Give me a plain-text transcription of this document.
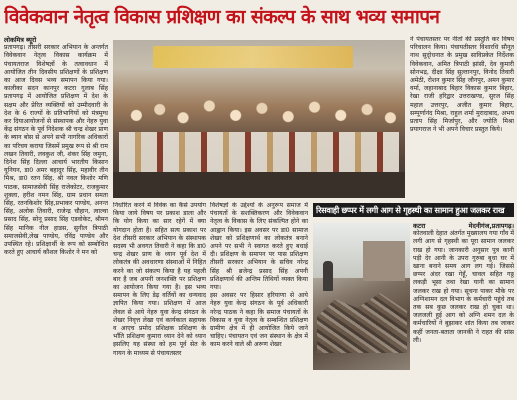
विवेकवान नेतृत्व विकास प्रशिक्षण का संकल्प के साथ भव्य समापन
लोकमित्र ब्यूरो
प्रतापगढ़। तीसरी सरकार अभियान के अन्तर्गत विवेकवान नेतृत्व विकास कार्यक्रम में पंचायतराज विशेषज्ञों के तत्वावधान में आयोजित तीन दिवसीय प्रशिक्षणों के प्रशिक्षण का आज दिवस भव्य समापन किया गया। कालीका सदन कानपुर कटरा गुलाब सिंह प्रतापगढ़ में आयोजित प्रशिक्षण में देश के सक्षम और प्रेरित व्यक्तियों को उम्मीदवारी के देश के 6 राज्यों के प्रतिभागियों को मंत्रमुग्ध कर दियाआयोजनों से संस्थापक और नेहरु युवा केंद्र संगठन के पूर्व निदेशक श्री चन्द्र शेखर प्राण के ब्यान बोस से अपने सभी नागरिक अधिकारों का परिचय कराया जिसमें प्रमुख रूप से श्री राम लखन तिवारी, लवकुश जी, शंकर सिंह जमुना, दिनेश सिंह दिल्ला आचार्य भारतीय किसान यूनियन, डा0 अमर बहादुर सिंह, महावीर तीन मिश्र, डा0 रतन सिंह, श्री नवल किशोर मणि पाठक, सामाजसेवी सिंह राजेकोटर, राजकुमार शुक्ला, हरीश नमन सिंह, ग्राम प्रधान समता सिंह, रतनकिशोर सिंह,प्रभाकर पाण्डेय, अनन्त सिंह, अलोक तिवारी, राजेन्द्र चौहान, त्वाल्वा प्रसाद सिंह, सोनू प्रसाद सिंह एडवोकेट, श्रीमन सिंह मानिक नील हाडस, सुनील त्रिपाठी समाजसेवी,लेख पाण्डेय, रविंद्र पाण्डेय और उपस्थित रहे। प्रशिक्षार्थी के रूप को सम्बोधित करते हुए आचार्य कौशल किशोर ने मन को
निर्धारित करने में विवेक का कैसे उपयोग किया जाये विषय पर प्रकाश डाला और कि योग किया का सार रहेगें में क्या योगदान होता है। सहित सत्य प्रकाश पर देश तीसरी सरकार अभियान के संस्थापक सदस्य भी अवगत तिवारी ने कहा कि डा0 चन्द्र शेखर प्राण के ध्यान पूर्व देश में लोकतंत्र की अवधारणा संस्थाओं में निहित करने का जो संकल्प किया है यह पहली बार है जब अपनी जनशक्ति पर प्रशिक्षण का आयोजन किया गया है। इस भव्य समापन के लिए डेढ़ वर्तियों का धन्यवाद ज्ञापित किया गया। प्रशिक्षण में आज लेवल से आये नेहरु युवा केन्द्र संगठन के शेखर निवृत्त लेखा एवं कार्यकाल सहायक व आएच प्रमोद प्रशिक्षक प्रशिक्षण के भाँति प्रशिक्षण कुमारा ध्यान देने को ध्यान इसलिए यह संस्था को हम पूर्व सेत के गायन के माध्यम से पंचायतस्तर
विशेषज्ञों के उद्देश्यों के अनुरूप समाज में पंचायतों के सशक्तिकरण और विवेकवान नेतृत्व के विकास के लिए संकल्पित होने का आह्वान किया। इस अवसर पर डा0 सामाज शेखर को प्रशिक्षणार्थ का लोकतंत्र बनाने अपने पर सभी ने स्वागत करते हुए बधाई दी। प्रशिक्षण के समापन पर पास प्रशिक्षण तीसरी सरकार अभियान के सचिव नरेन्द्र सिंह श्री ब्रजेन्द्र प्रसाद सिंह अपनी प्रशिक्षणार्थ की अन्तिम तिथियों व्यक्त किया गया।
इस अवसर पर हिसार हरियाणा से आये नेहरु युवा केन्द्र संगठन के पूर्व अधिकारी नरेन्द्र पाठक ने कहा कि समाज पंचायतों के विकास व युवा नेतृत्व के सम्बन्धित प्रशिक्षण ग्रामीण क्षेत्र में ही आयोजित किये जाने चाहिए। पंचायतन एवं जन संस्थान के क्षेत्र में काम करने वाले श्री अरूण शेखर
ने पंचायतस्तर पर नीतों की प्रस्तुति कर विषय परिचालन किया। पंचायतीस्तर विशारधि सौनूत नाथ सुदृोधनात के प्रमुख साविप्रकेत निर्देशक विवेकवान, अमित त्रिपाठी झांसी, देव कुमारी सोनभद्र, दीक्षा सिंह सुल्तानपुर, विनोद तिवारी अमेठी, रोशन कुमार सिंह जौनपुर, अमन कुमार वर्मा, जहानाबाद बिहार विकास कुमार बिहार, रेखा राजी हरिद्वार उत्तराखण्ड, सुरज सिंह महाल उत्तरपुर, अजीत कुमार बिहार, सम्पूर्णानंद मिश्रा, राहुल शर्मा मुरादाबाद, अभय प्रताप सिंह मिर्जापुर, और ज्योति मिश्रा प्रयागराज ने भी अपने विचार प्रस्तुत किये।
रिसवाही छप्पर में लगी आग से गृहस्थी का सामान हुआ जलकर राख
कटरा	मेदनीगंज,प्रतापगढ़।
कोतवाली देहात अंतर्गत मुख्यालय गया गाँव में लगी आग से गृहस्थी का पूरा सामान जलकर राख हो गया। जानकारी अनुसार पुत्र कानी पड़ी देर आनी के उपरा गुरुबा बुधा घर में खाना बनाने समय आग लग गई। जिससे छप्पर अंदर रखा गेहूँ, चावल सहित गठ्ठ लकड़ी भूसा तथा रेखा यानी का सामान जलकर राख हो गया। सूचना पाकर मौके पर अग्निशामन दल विभाग के कर्मचारी पहुंचे तब तक सब कुछ जलकर राख हो चुका था। जलजली हुई आग को अग्नि शमन दल के कर्मचारियों ने बुझाकर शांत किया तब जाकर कहीं जनता-बताता जानकी ने राहत की सांस ली।
